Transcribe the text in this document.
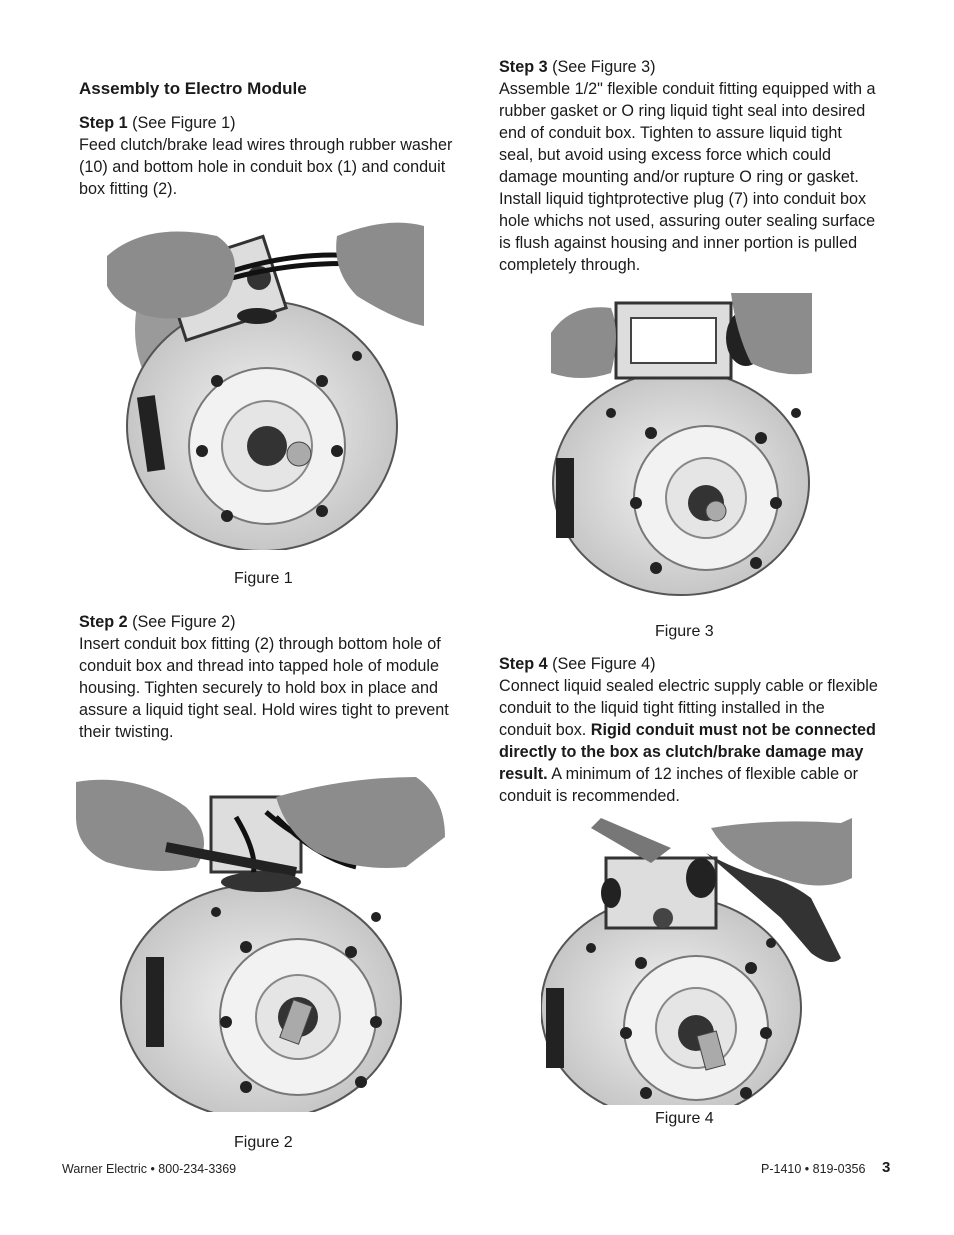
Assembly to Electro Module
Step 1 (See Figure 1)
Feed clutch/brake lead wires through rubber washer (10) and bottom hole in conduit box (1) and conduit box fitting (2).
Figure 1
Step 2 (See Figure 2)
Insert conduit box fitting (2) through bottom hole of conduit box and thread into tapped hole of module housing. Tighten securely to hold box in place and assure a liquid tight seal. Hold wires tight to prevent their twisting.
Figure 2
Step 3 (See Figure 3)
Assemble 1/2" flexible conduit fitting equipped with a rubber gasket or O ring liquid tight seal into desired end of conduit box. Tighten to assure liquid tight seal, but avoid using excess force which could damage mounting and/or rupture O ring or gasket. Install liquid tightprotective plug (7) into conduit box hole whichs not used, assuring outer sealing surface is flush against housing and inner portion is pulled completely through.
Figure 3
Step 4 (See Figure 4)
Connect liquid sealed electric supply cable or flexible conduit to the liquid tight fitting installed in the conduit box. Rigid conduit must not be connected directly to the box as clutch/brake damage may result. A minimum of 12 inches of flexible cable or conduit is recommended.
Figure 4
Warner Electric • 800-234-3369	P-1410 • 819-0356 3
